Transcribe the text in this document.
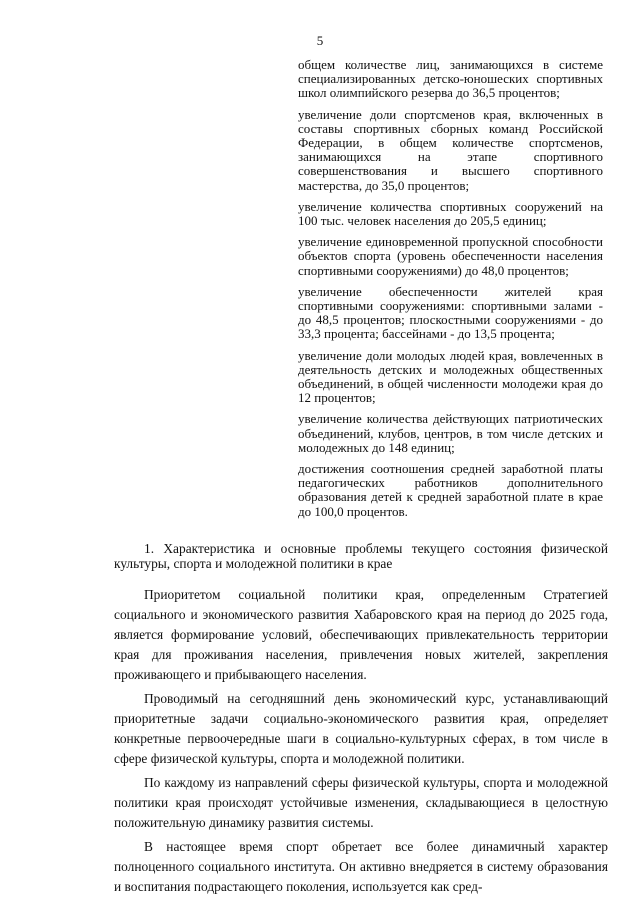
5

общем количестве лиц, занимающихся в системе специализированных детско-юношеских спортивных школ олимпийского резерва до 36,5 процентов;

увеличение доли спортсменов края, включенных в составы спортивных сборных команд Российской Федерации, в общем количестве спортсменов, занимающихся на этапе спортивного совершенствования и высшего спортивного мастерства, до 35,0 процентов;

увеличение количества спортивных сооружений на 100 тыс. человек населения до 205,5 единиц;

увеличение единовременной пропускной способности объектов спорта (уровень обеспеченности населения спортивными сооружениями) до 48,0 процентов;

увеличение обеспеченности жителей края спортивными сооружениями: спортивными залами - до 48,5 процентов; плоскостными сооружениями - до 33,3 процента; бассейнами - до 13,5 процента;

увеличение доли молодых людей края, вовлеченных в деятельность детских и молодежных общественных объединений, в общей численности молодежи края до 12 процентов;

увеличение количества действующих патриотических объединений, клубов, центров, в том числе детских и молодежных до 148 единиц;

достижения соотношения средней заработной платы педагогических работников дополнительного образования детей к средней заработной плате в крае до 100,0 процентов.

1. Характеристика и основные проблемы текущего состояния физической культуры, спорта и молодежной политики в крае

Приоритетом социальной политики края, определенным Стратегией социального и экономического развития Хабаровского края на период до 2025 года, является формирование условий, обеспечивающих привлекательность территории края для проживания населения, привлечения новых жителей, закрепления проживающего и прибывающего населения.

Проводимый на сегодняшний день экономический курс, устанавливающий приоритетные задачи социально-экономического развития края, определяет конкретные первоочередные шаги в социально-культурных сферах, в том числе в сфере физической культуры, спорта и молодежной политики.

По каждому из направлений сферы физической культуры, спорта и молодежной политики края происходят устойчивые изменения, складывающиеся в целостную положительную динамику развития системы.

В настоящее время спорт обретает все более динамичный характер полноценного социального института. Он активно внедряется в систему образования и воспитания подрастающего поколения, используется как сред-
